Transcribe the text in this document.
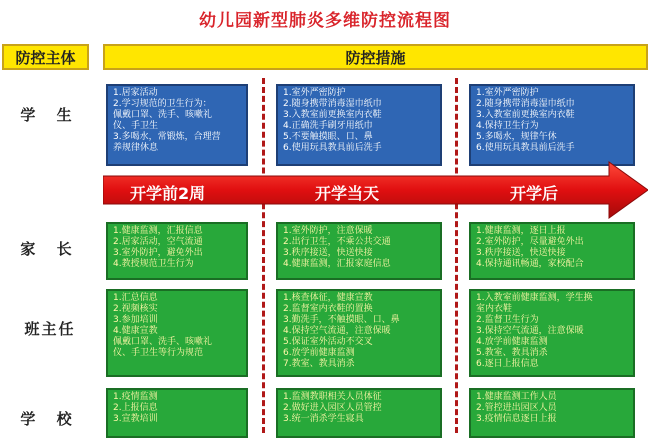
幼儿园新型肺炎多维防控流程图
防控主体	防控措施
学 生
1.居家活动
2.学习规范的卫生行为：
佩戴口罩、洗手、咳嗽礼
仪、手卫生
3.多喝水，常锻炼，合理营
养规律休息
1.室外严密防护
2.随身携带消毒湿巾纸巾
3.入教室前更换室内衣鞋
4.正确洗手刷牙用纸巾
5.不要触摸眼、口、鼻
6.使用玩具教具前后洗手
1.室外严密防护
2.随身携带消毒湿巾纸巾
3.入教室前更换室内衣鞋
4.保持卫生行为
5.多喝水，规律午休
6.使用玩具教具前后洗手
开学前2周	开学当天	开学后
家 长
1.健康监测，汇报信息
2.居家活动，空气流通
3.室外防护，避免外出
4.教授规范卫生行为
1.室外防护，注意保暖
2.出行卫生，不乘公共交通
3.秩序接送，快送快接
4.健康监测，汇报家庭信息
1.健康监测，逐日上报
2.室外防护，尽量避免外出
3.秩序接送，快送快接
4.保持通讯畅通，家校配合
班主任
1.汇总信息
2.视频核实
3.参加培训
4.健康宣教
佩戴口罩、洗手、咳嗽礼
仪、手卫生等行为规范
1.核查体征，健康宣教
2.监督室内衣鞋的置换
3.勤洗手，不触摸眼、口、鼻
4.保持空气流通，注意保暖
5.保证室外活动不交叉
6.放学前健康监测
7.教室、教具消杀
1.入教室前健康监测，学生换
室内衣鞋
2.监督卫生行为
3.保持空气流通，注意保暖
4.放学前健康监测
5.教室、教具消杀
6.逐日上报信息
学 校
1.疫情监测
2.上报信息
3.宣教培训
1.监测教职相关人员体征
2.做好进入园区人员管控
3.统一消杀学生寝具
1.健康监测工作人员
2.管控进出园区人员
3.疫情信息逐日上报
